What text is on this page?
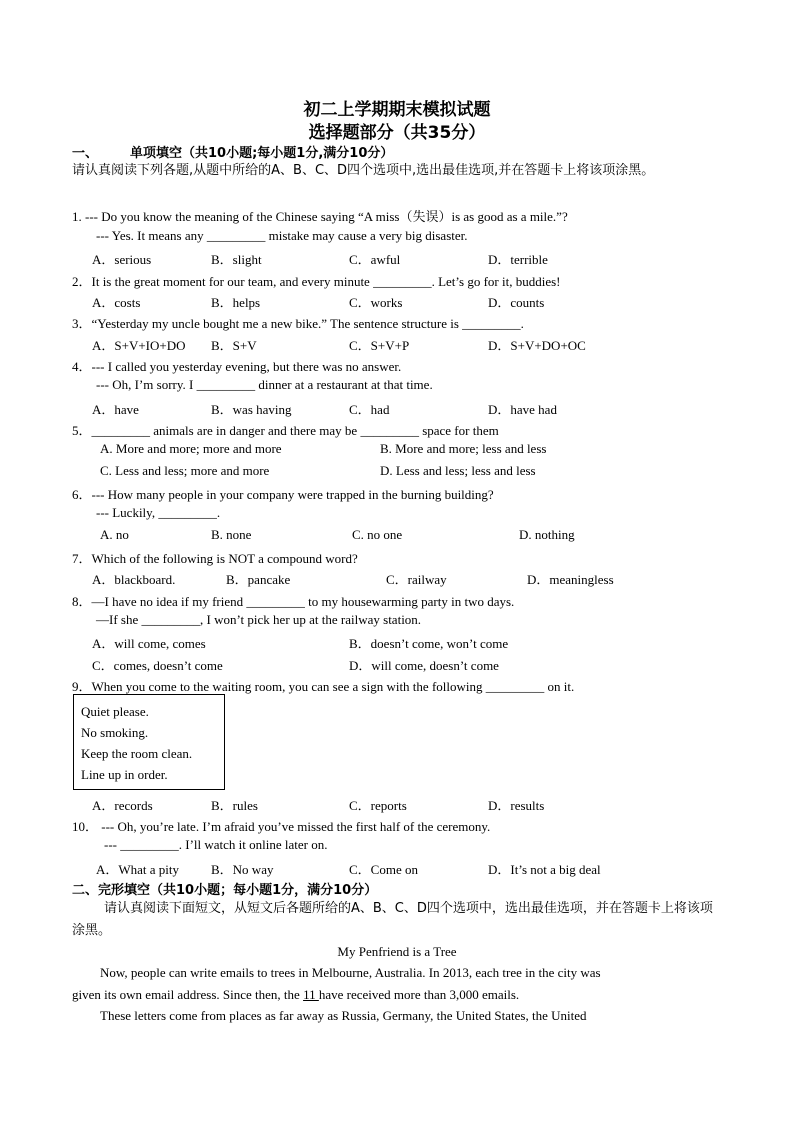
初二上学期期末模拟试题
选择题部分（共35分）
一、 单项填空（共10小题;每小题1分,满分10分）
请认真阅读下列各题,从题中所给的A、B、C、D四个选项中,选出最佳选项,并在答题卡上将该项涂黑。
1. --- Do you know the meaning of the Chinese saying “A miss（失误）is as good as a mile.”?
--- Yes. It means any _________ mistake may cause a very big disaster.
A．serious	B．slight	C．awful	D．terrible
2．It is the great moment for our team, and every minute _________. Let’s go for it, buddies!
A．costs	B．helps	C．works	D．counts
3．“Yesterday my uncle bought me a new bike.” The sentence structure is _________.
A．S+V+IO+DO B．S+V	C．S+V+P	D．S+V+DO+OC
4．--- I called you yesterday evening, but there was no answer.
--- Oh, I’m sorry. I _________ dinner at a restaurant at that time.
A．have	B．was having	C．had	D．have had
5．_________ animals are in danger and there may be _________ space for them
A. More and more; more and more	B. More and more; less and less
C. Less and less; more and more	D. Less and less; less and less
6．--- How many people in your company were trapped in the burning building?
--- Luckily, _________.
A. no	B. none	C. no one	D. nothing
7．Which of the following is NOT a compound word?
A．blackboard.	B．pancake	C．railway	D．meaningless
8．—I have no idea if my friend _________ to my housewarming party in two days.
—If she _________, I won’t pick her up at the railway station.
A．will come, comes	B．doesn’t come, won’t come
C．comes, doesn’t come	D．will come, doesn’t come
9．When you come to the waiting room, you can see a sign with the following _________ on it.
Quiet please.
No smoking.
Keep the room clean.
Line up in order.
A．records	B．rules	C．reports	D．results
10． --- Oh, you’re late. I’m afraid you’ve missed the first half of the ceremony.
--- _________. I’ll watch it online later on.
A．What a pity B．No way	C．Come on	D．It’s not a big deal
二、完形填空（共10小题；每小题1分，满分10分）
请认真阅读下面短文，从短文后各题所给的A、B、C、D四个选项中，选出最佳选项，并在答题卡上将该项涂黑。
My Penfriend is a Tree
Now, people can write emails to trees in Melbourne, Australia. In 2013, each tree in the city was
given its own email address. Since then, the 11 have received more than 3,000 emails.
These letters come from places as far away as Russia, Germany, the United States, the United
